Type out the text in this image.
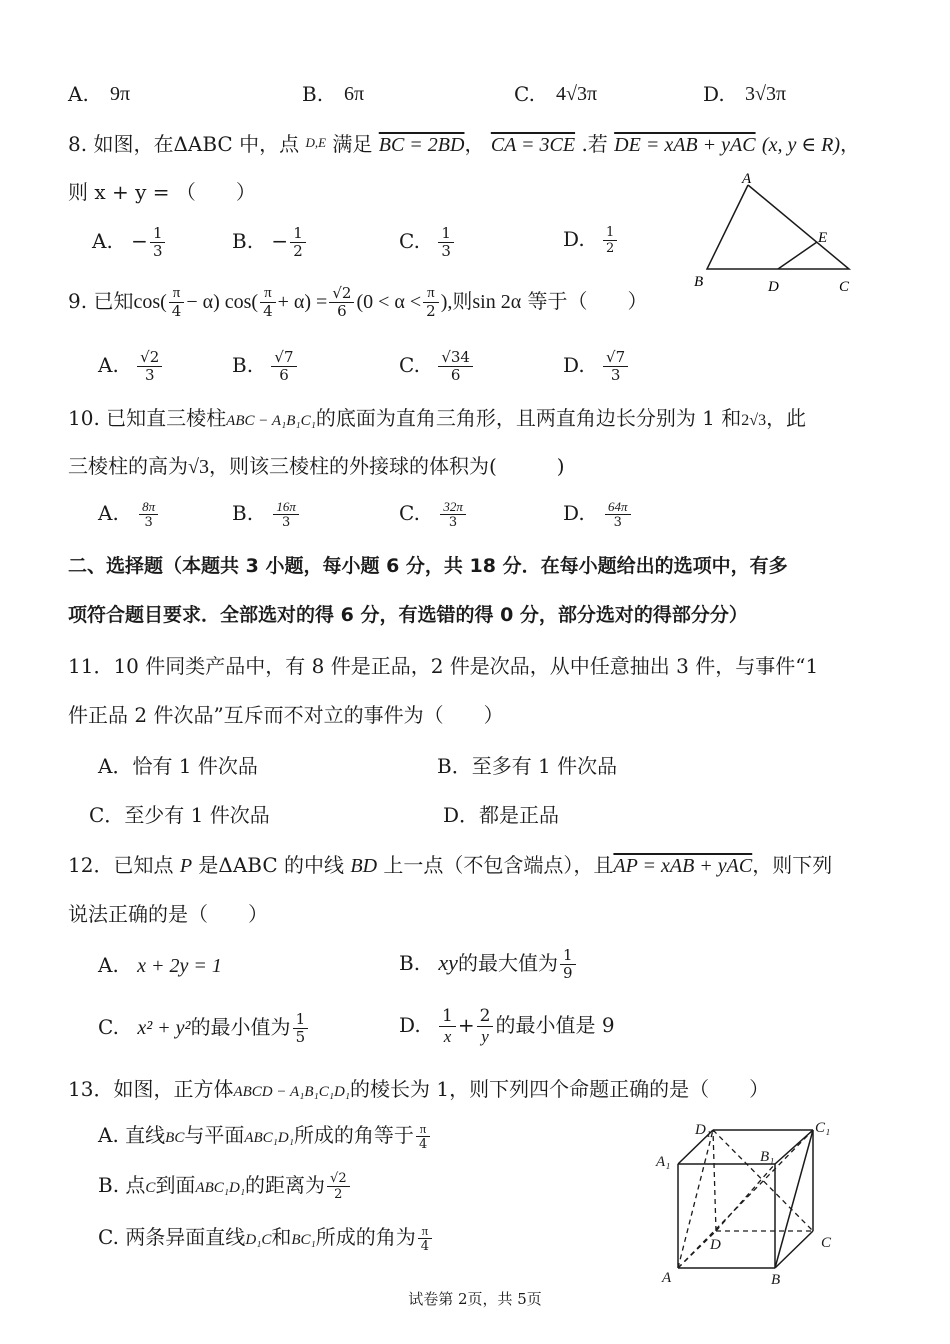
A. 9π	B. 6π	C. 4√3π	D. 3√3π
8. 如图，在ΔABC 中，点 $^{D,E}$ 满足 BC = 2BD， CA = 3CE .若 DE = xAB + yAC (x, y ∈ R)，
则 x + y = （　　）
A. − $\frac{1}{3}$	B. − $\frac{1}{2}$	C. $\frac{1}{3}$	D. $\frac{1}{2}$
A
B	D	C
E
9. 已知$\cos( \frac{\pi}{4} - \alpha)$ $\cos( \frac{\pi}{4} + \alpha) = \frac{√2}{6} (0 < \alpha < \frac{\pi}{2}$ ),则sin 2α 等于（　　）
A. $\frac{√2}{3}$	B. $\frac{√7}{6}$	C. $\frac{√34}{6}$	D. $\frac{√7}{3}$
10. 已知直三棱柱ABC − A₁B₁C₁的底面为直角三角形，且两直角边长分别为 1 和2√3，此
三棱柱的高为√3，则该三棱柱的外接球的体积为(　　　)
A. $\frac{8\pi}{3}$	B. $\frac{16\pi}{3}$	C. $\frac{32\pi}{3}$	D. $\frac{64\pi}{3}$
二、选择题（本题共 3 小题，每小题 6 分，共 18 分．在每小题给出的选项中，有多
项符合题目要求．全部选对的得 6 分，有选错的得 0 分，部分选对的得部分分）
11．10 件同类产品中，有 8 件是正品，2 件是次品，从中任意抽出 3 件，与事件“1
件正品 2 件次品”互斥而不对立的事件为（　　）
A．恰有 1 件次品	B．至多有 1 件次品
C．至少有 1 件次品	D．都是正品
12．已知点 P 是ΔABC 的中线 BD 上一点（不包含端点），且AP = xAB + yAC，则下列
说法正确的是（　　）
A. x + 2y = 1	B. xy的最大值为 $\frac{1}{9}$
C. x² + y²的最小值为 $\frac{1}{5}$	D. $\frac{1}{x} + \frac{2}{y}$ 的最小值是 9
13．如图，正方体ABCD − A₁B₁C₁D₁的棱长为 1，则下列四个命题正确的是（　　）
A. 直线BC与平面ABC₁D₁所成的角等于 $\frac{\pi}{4}$
B. 点C到面ABC₁D₁的距离为 $\frac{√2}{2}$
C. 两条异面直线D₁C和BC₁所成的角为 $\frac{\pi}{4}$
A	B
C
D
A₁	B₁
C₁
D₁
试卷第 2页，共 5页
